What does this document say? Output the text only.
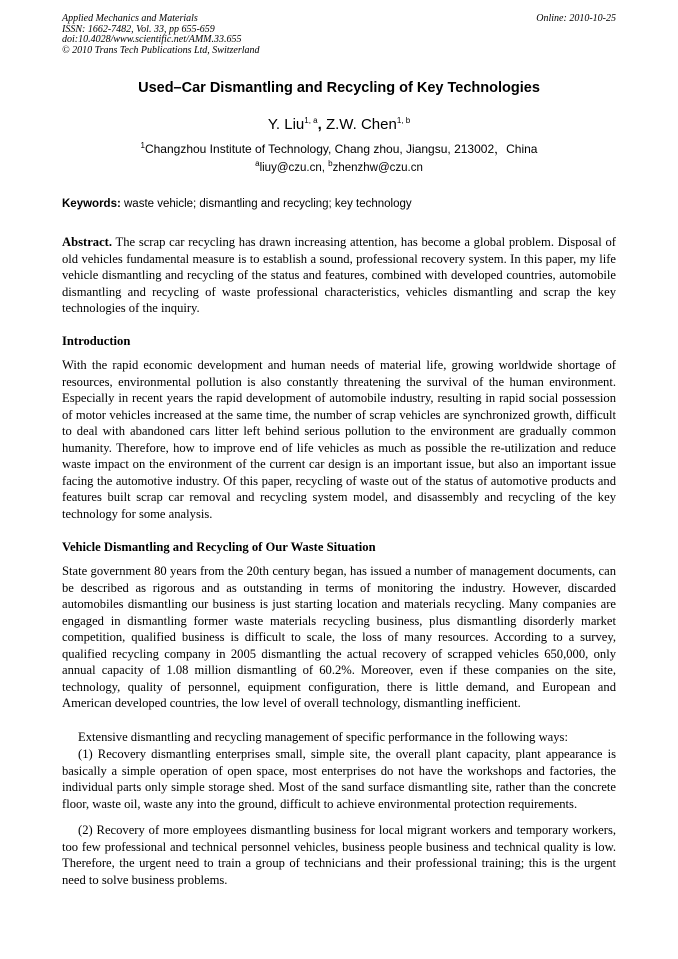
Applied Mechanics and Materials
ISSN: 1662-7482, Vol. 33, pp 655-659
doi:10.4028/www.scientific.net/AMM.33.655
© 2010 Trans Tech Publications Ltd, Switzerland
Online: 2010-10-25
Used–Car Dismantling and Recycling of Key Technologies
Y. Liu$^{1, a}$, Z.W. Chen$^{1, b}$
$^1$Changzhou Institute of Technology, Chang zhou, Jiangsu, 213002，China
$^a$liuy@czu.cn, $^b$zhenzhw@czu.cn
Keywords: waste vehicle; dismantling and recycling; key technology

Abstract. The scrap car recycling has drawn increasing attention, has become a global problem. Disposal of old vehicles fundamental measure is to establish a sound, professional recovery system. In this paper, my life vehicle dismantling and recycling of the status and features, combined with developed countries, automobile dismantling and recycling of waste professional characteristics, vehicles dismantling and scrap the key technologies of the inquiry.

Introduction

With the rapid economic development and human needs of material life, growing worldwide shortage of resources, environmental pollution is also constantly threatening the survival of the human environment. Especially in recent years the rapid development of automobile industry, resulting in rapid social possession of motor vehicles increased at the same time, the number of scrap vehicles are synchronized growth, difficult to deal with abandoned cars litter left behind serious pollution to the environment are gradually common humanity. Therefore, how to improve end of life vehicles as much as possible the re-utilization and reduce waste impact on the environment of the current car design is an important issue, but also an important issue facing the automotive industry. Of this paper, recycling of waste out of the status of automotive products and features built scrap car removal and recycling system model, and disassembly and recycling of the key technology for some analysis.

Vehicle Dismantling and Recycling of Our Waste Situation

State government 80 years from the 20th century began, has issued a number of management documents, can be described as rigorous and as outstanding in terms of monitoring the industry. However, discarded automobiles dismantling our business is just starting location and materials recycling. Many companies are engaged in dismantling former waste materials recycling business, plus dismantling disorderly market competition, qualified business is difficult to scale, the loss of many resources. According to a survey, qualified recycling company in 2005 dismantling the actual recovery of scrapped vehicles 650,000, only annual capacity of 1.08 million dismantling of 60.2%. Moreover, even if these companies on the site, technology, quality of personnel, equipment configuration, there is little demand, and European and American developed countries, the low level of overall technology, dismantling inefficient.

Extensive dismantling and recycling management of specific performance in the following ways:

(1) Recovery dismantling enterprises small, simple site, the overall plant capacity, plant appearance is basically a simple operation of open space, most enterprises do not have the workshops and factories, the individual parts only simple storage shed. Most of the sand surface dismantling site, rather than the concrete floor, waste oil, waste any into the ground, difficult to achieve environmental protection requirements.

(2) Recovery of more employees dismantling business for local migrant workers and temporary workers, too few professional and technical personnel vehicles, business people business and technical quality is low. Therefore, the urgent need to train a group of technicians and their professional training; this is the urgent need to solve business problems.
